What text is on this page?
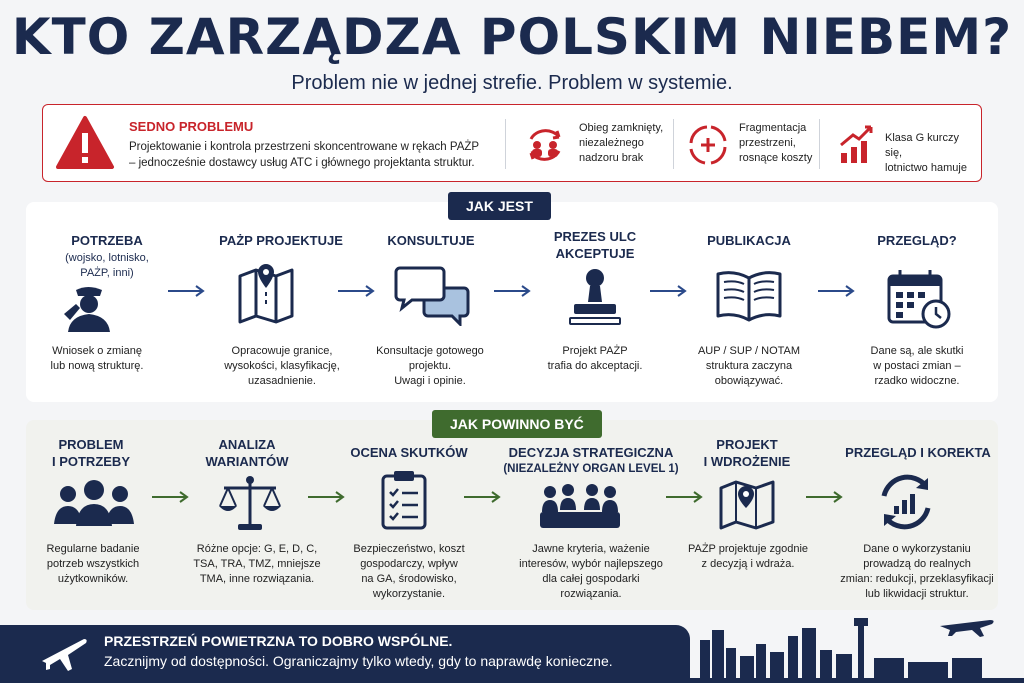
KTO ZARZĄDZA POLSKIM NIEBEM?
Problem nie w jednej strefie. Problem w systemie.
SEDNO PROBLEMU
Projektowanie i kontrola przestrzeni skoncentrowane w rękach PAŻP – jednocześnie dostawcy usług ATC i głównego projektanta struktur.
Obieg zamknięty,
niezależnego
nadzoru brak
Fragmentacja
przestrzeni,
rosnące koszty
Klasa G kurczy się,
lotnictwo hamuje
JAK JEST
POTRZEBA
(wojsko, lotnisko,
PAŻP, inni)
Wniosek o zmianę
lub nową strukturę.
PAŻP PROJEKTUJE
Opracowuje granice,
wysokości, klasyfikację,
uzasadnienie.
KONSULTUJE
Konsultacje gotowego
projektu.
Uwagi i opinie.
PREZES ULC
AKCEPTUJE
Projekt PAŻP
trafia do akceptacji.
PUBLIKACJA
AUP / SUP / NOTAM
struktura zaczyna
obowiązywać.
PRZEGLĄD?
Dane są, ale skutki
w postaci zmian –
rzadko widoczne.
JAK POWINNO BYĆ
PROBLEM
I POTRZEBY
Regularne badanie
potrzeb wszystkich
użytkowników.
ANALIZA
WARIANTÓW
Różne opcje: G, E, D, C,
TSA, TRA, TMZ, mniejsze
TMA, inne rozwiązania.
OCENA SKUTKÓW
Bezpieczeństwo, koszt
gospodarczy, wpływ
na GA, środowisko,
wykorzystanie.
DECYZJA STRATEGICZNA
(NIEZALEŻNY ORGAN LEVEL 1)
Jawne kryteria, ważenie
interesów, wybór najlepszego
dla całej gospodarki
rozwiązania.
PROJEKT
I WDROŻENIE
PAŻP projektuje zgodnie
z decyzją i wdraża.
PRZEGLĄD I KOREKTA
Dane o wykorzystaniu
prowadzą do realnych
zmian: redukcji, przeklasyfikacji
lub likwidacji struktur.
PRZESTRZEŃ POWIETRZNA TO DOBRO WSPÓLNE.
Zacznijmy od dostępności. Ograniczajmy tylko wtedy, gdy to naprawdę konieczne.
